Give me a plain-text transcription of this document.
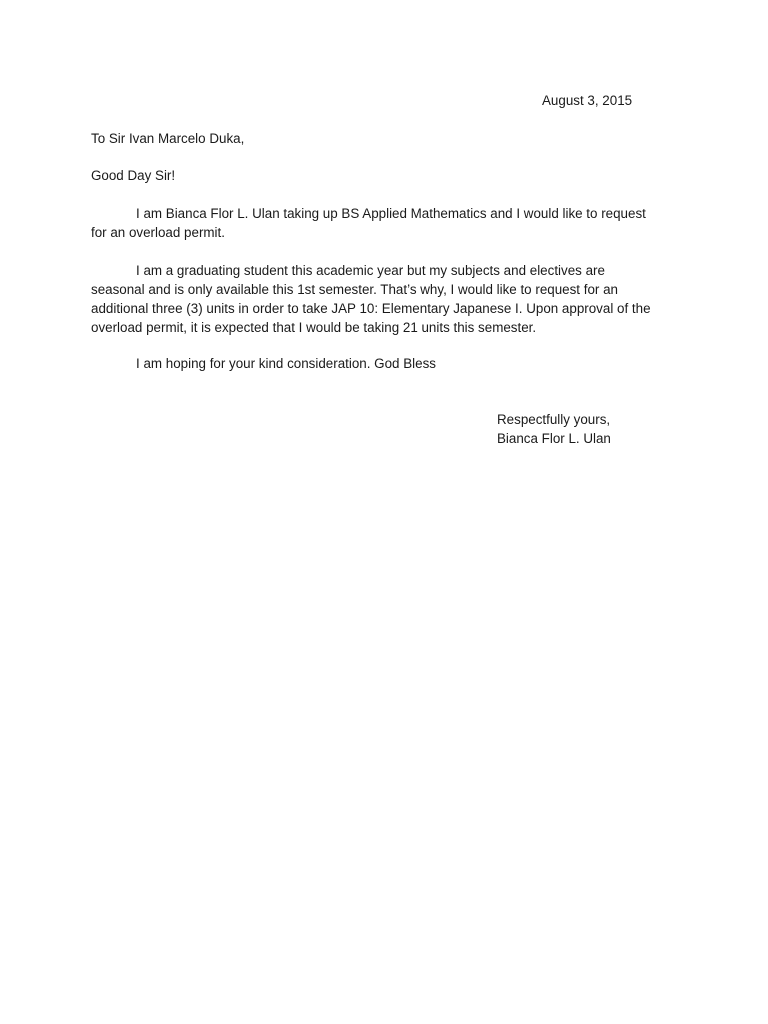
August 3, 2015
To Sir Ivan Marcelo Duka,
Good Day Sir!
I am Bianca Flor L. Ulan taking up BS Applied Mathematics and I would like to request
for an overload permit.
I am a graduating student this academic year but my subjects and electives are
seasonal and is only available this 1st semester. That’s why, I would like to request for an
additional three (3) units in order to take JAP 10: Elementary Japanese I. Upon approval of the
overload permit, it is expected that I would be taking 21 units this semester.
I am hoping for your kind consideration. God Bless
Respectfully yours,
Bianca Flor L. Ulan
